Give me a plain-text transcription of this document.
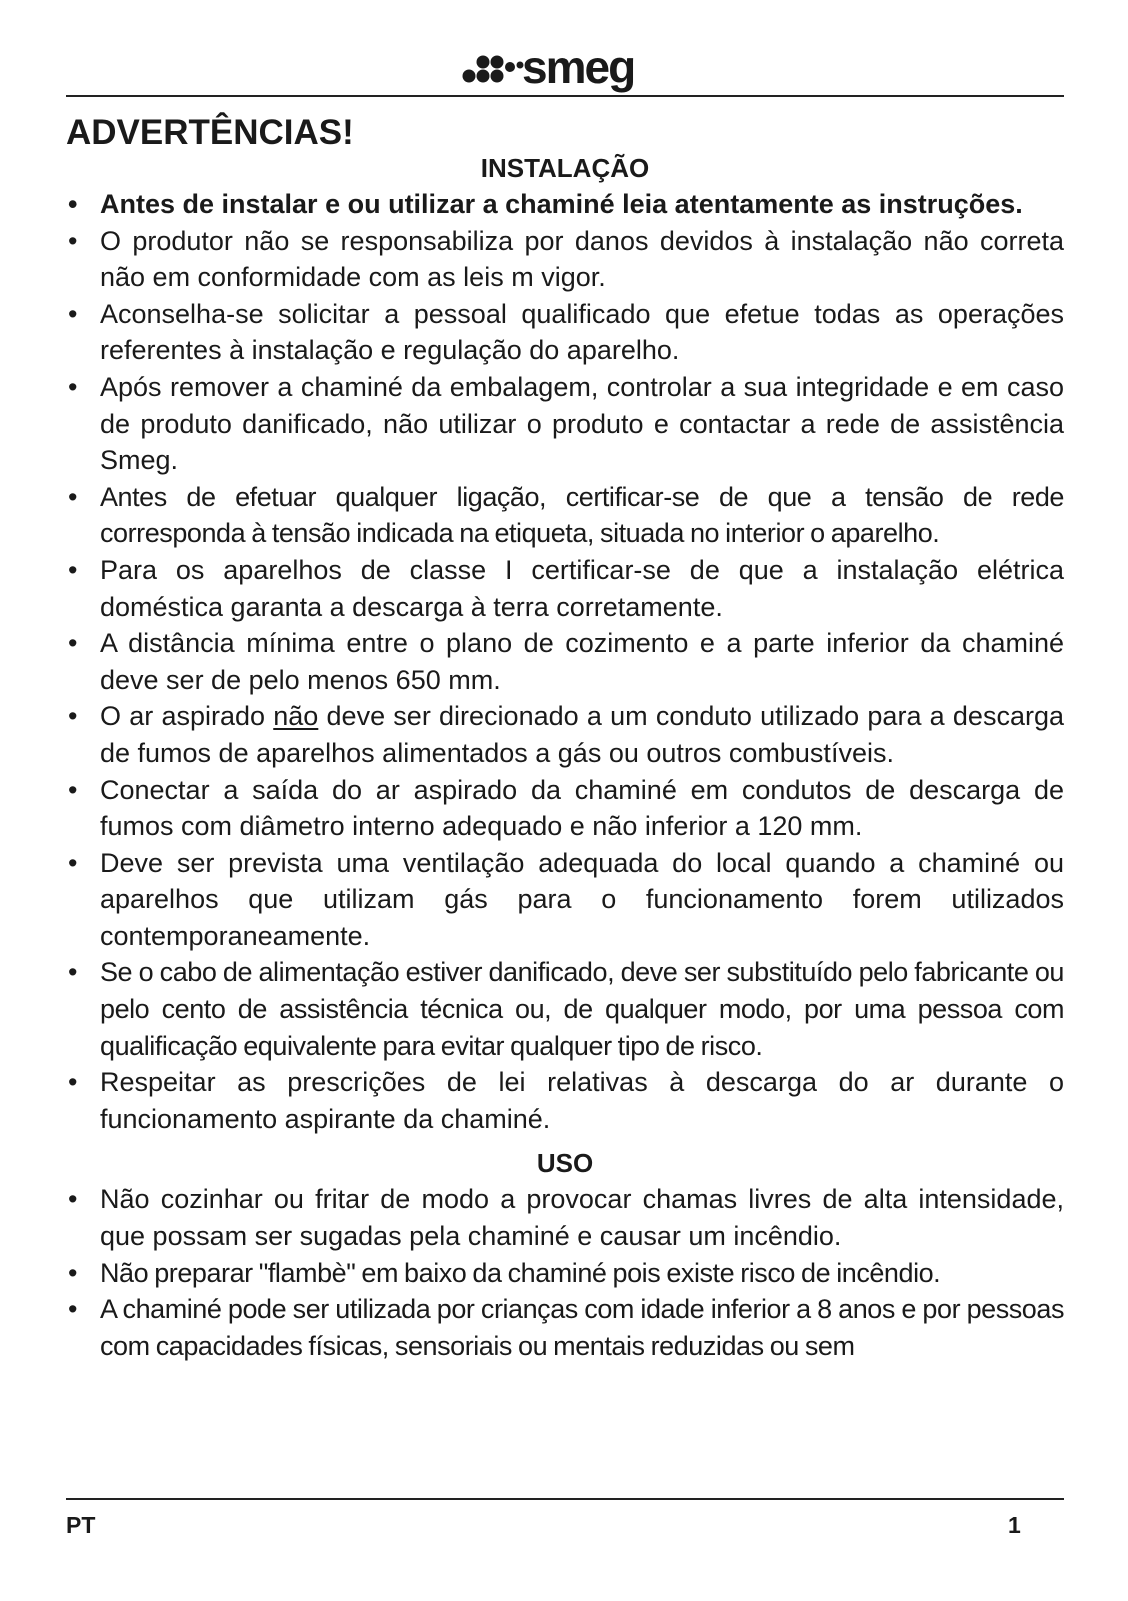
smeg
ADVERTÊNCIAS!
INSTALAÇÃO
• Antes de instalar e ou utilizar a chaminé leia atentamente as instruções.
• O produtor não se responsabiliza por danos devidos à instalação não correta não em conformidade com as leis m vigor.
• Aconselha-se solicitar a pessoal qualificado que efetue todas as operações referentes à instalação e regulação do aparelho.
• Após remover a chaminé da embalagem, controlar a sua integridade e em caso de produto danificado, não utilizar o produto e contactar a rede de assistência Smeg.
• Antes de efetuar qualquer ligação, certificar-se de que a tensão de rede corresponda à tensão indicada na etiqueta, situada no interior o aparelho.
• Para os aparelhos de classe I certificar-se de que a instalação elétrica doméstica garanta a descarga à terra corretamente.
• A distância mínima entre o plano de cozimento e a parte inferior da chaminé deve ser de pelo menos 650 mm.
• O ar aspirado não deve ser direcionado a um conduto utilizado para a descarga de fumos de aparelhos alimentados a gás ou outros combustíveis.
• Conectar a saída do ar aspirado da chaminé em condutos de descarga de fumos com diâmetro interno adequado e não inferior a 120 mm.
• Deve ser prevista uma ventilação adequada do local quando a chaminé ou aparelhos que utilizam gás para o funcionamento forem utilizados contemporaneamente.
• Se o cabo de alimentação estiver danificado, deve ser substituído pelo fabricante ou pelo cento de assistência técnica ou, de qualquer modo, por uma pessoa com qualificação equivalente para evitar qualquer tipo de risco.
• Respeitar as prescrições de lei relativas à descarga do ar durante o funcionamento aspirante da chaminé.
USO
• Não cozinhar ou fritar de modo a provocar chamas livres de alta intensidade, que possam ser sugadas pela chaminé e causar um incêndio.
• Não preparar "flambè" em baixo da chaminé pois existe risco de incêndio.
• A chaminé pode ser utilizada por crianças com idade inferior a 8 anos e por pessoas com capacidades físicas, sensoriais ou mentais reduzidas ou sem
PT	1
